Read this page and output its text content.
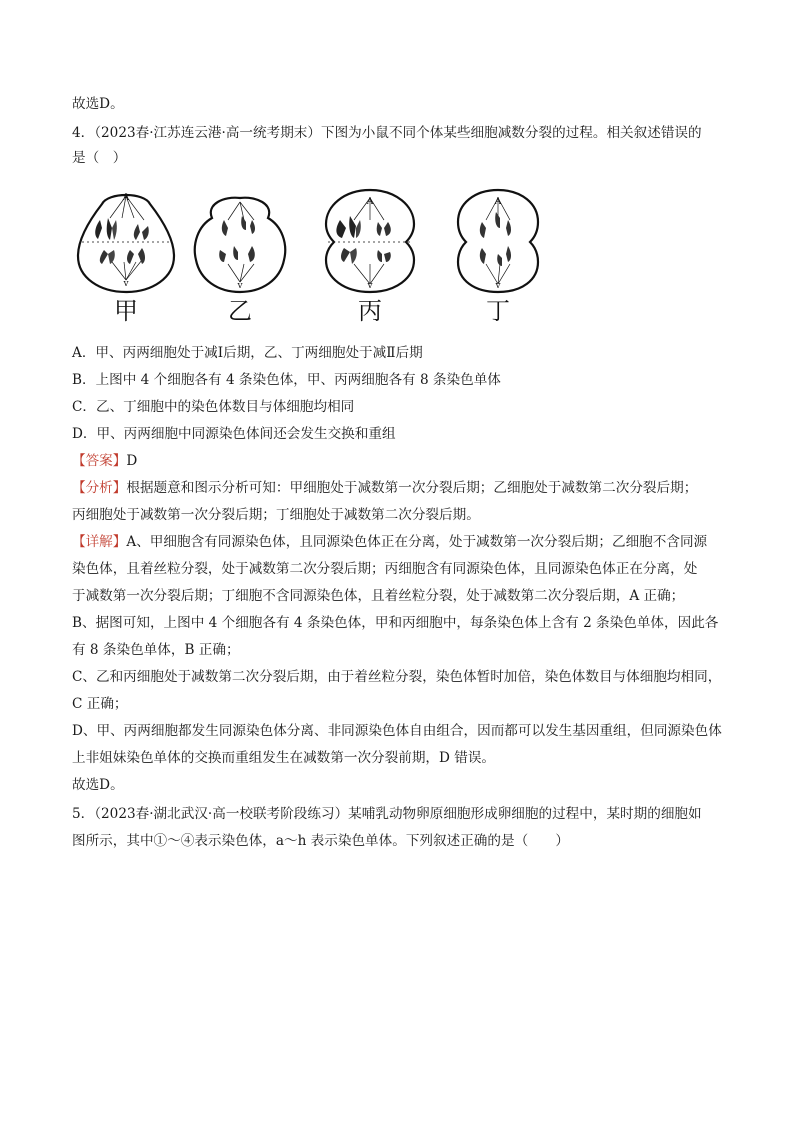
故选D。
4．（2023春·江苏连云港·高一统考期末）下图为小鼠不同个体某些细胞减数分裂的过程。相关叙述错误的
是（　）
A
v
甲
v
乙
A
v
丙
A
v
丁
A．甲、丙两细胞处于减Ⅰ后期，乙、丁两细胞处于减Ⅱ后期
B．上图中 4 个细胞各有 4 条染色体，甲、丙两细胞各有 8 条染色单体
C．乙、丁细胞中的染色体数目与体细胞均相同
D．甲、丙两细胞中同源染色体间还会发生交换和重组
【答案】D
【分析】根据题意和图示分析可知：甲细胞处于减数第一次分裂后期；乙细胞处于减数第二次分裂后期；
丙细胞处于减数第一次分裂后期；丁细胞处于减数第二次分裂后期。
【详解】A、甲细胞含有同源染色体，且同源染色体正在分离，处于减数第一次分裂后期；乙细胞不含同源
染色体，且着丝粒分裂，处于减数第二次分裂后期；丙细胞含有同源染色体，且同源染色体正在分离，处
于减数第一次分裂后期；丁细胞不含同源染色体，且着丝粒分裂，处于减数第二次分裂后期，A 正确；
B、据图可知，上图中 4 个细胞各有 4 条染色体，甲和丙细胞中，每条染色体上含有 2 条染色单体，因此各
有 8 条染色单体，B 正确；
C、乙和丙细胞处于减数第二次分裂后期，由于着丝粒分裂，染色体暂时加倍，染色体数目与体细胞均相同，
C 正确；
D、甲、丙两细胞都发生同源染色体分离、非同源染色体自由组合，因而都可以发生基因重组，但同源染色体
上非姐妹染色单体的交换而重组发生在减数第一次分裂前期，D 错误。
故选D。
5．（2023春·湖北武汉·高一校联考阶段练习）某哺乳动物卵原细胞形成卵细胞的过程中，某时期的细胞如
图所示，其中①～④表示染色体，a～h 表示染色单体。下列叙述正确的是（　　）
